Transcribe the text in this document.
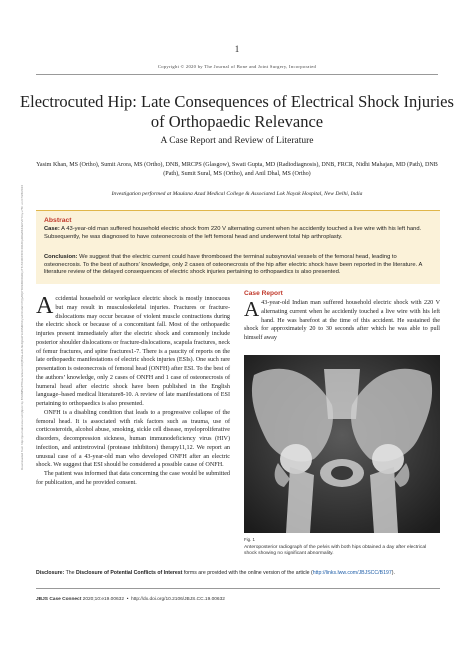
1
Copyright © 2020 by The Journal of Bone and Joint Surgery, Incorporated
Electrocuted Hip: Late Consequences of Electrical Shock Injuries of Orthopaedic Relevance
A Case Report and Review of Literature
Yasim Khan, MS (Ortho), Sumit Arora, MS (Ortho), DNB, MRCPS (Glasgow), Swati Gupta, MD (Radiodiagnosis), DNB, FRCR, Nidhi Mahajan, MD (Path), DNB (Path), Sumit Sural, MS (Ortho), and Anil Dhal, MS (Ortho)
Investigation performed at Maulana Azad Medical College & Associated Lok Nayak Hospital, New Delhi, India
Downloaded from http://journals.lww.com/jbjscc by BhDMf5ePHKav1zEoum1tQfN4a+kJLhEZgbsIHo4XMi0hCywCX1AWnYQp/IlQrHD3i3D0OdRyi7TvSFl4Cf3VC4/OAVpDDa8KKGKV0Ymy+78= on 07/23/2024	Abstract
Case: A 43-year-old man suffered household electric shock from 220 V alternating current when he accidently touched a live wire with his left hand. Subsequently, he was diagnosed to have osteonecrosis of the left femoral head and underwent total hip arthroplasty.
Conclusion: We suggest that the electric current could have thrombosed the terminal subsynovial vessels of the femoral head, leading to osteonecrosis. To the best of authors’ knowledge, only 2 cases of osteonecrosis of the hip after electric shock have been reported in the literature. A literature review of the delayed consequences of electric shock injuries pertaining to orthopaedics is also presented.

Accidental household or workplace electric shock is mostly innocuous but may result in musculoskeletal injuries. Fractures or fracture-dislocations may occur because of violent muscle contractions during the electric shock or because of a concomitant fall. Most of the orthopaedic injuries present immediately after the electric shock and commonly include posterior shoulder dislocations or fracture-dislocations, scapula fractures, neck of femur fractures, and spine fractures1-7. There is a paucity of reports on the late orthopaedic manifestations of electric shock injuries (ESIs). One such rare presentation is osteonecrosis of femoral head (ONFH) after ESI. To the best of the authors’ knowledge, only 2 cases of ONFH and 1 case of osteonecrosis of humeral head after electric shock have been published in the English language–based medical literature8-10. A review of late manifestations of ESI pertaining to orthopaedics is also presented.

ONFH is a disabling condition that leads to a progressive collapse of the femoral head. It is associated with risk factors such as trauma, use of corticosteroids, alcohol abuse, smoking, sickle cell disease, myeloproliferative disorders, decompression sickness, human immunodeficiency virus (HIV) infection, and antiretroviral (protease inhibitors) therapy11,12. We report an unusual case of a 43-year-old man who developed ONFH after an electric shock. We suggest that ESI should be considered a possible cause of ONFH.

The patient was informed that data concerning the case would be submitted for publication, and he provided consent.

Case Report
A 43-year-old Indian man suffered household electric shock with 220 V alternating current when he accidently touched a live wire with his left hand. He was barefoot at the time of this accident. He sustained the shock for approximately 20 to 30 seconds after which he was able to pull himself away
Fig. 1
Anteroposterior radiograph of the pelvis with both hips obtained a day after electrical shock showing no significant abnormality.
Disclosure: The Disclosure of Potential Conflicts of Interest forms are provided with the online version of the article (http://links.lww.com/JBJSCC/B197).
JBJS Case Connect 2020;10:e19.00632  •  http://dx.doi.org/10.2106/JBJS.CC.19.00632
